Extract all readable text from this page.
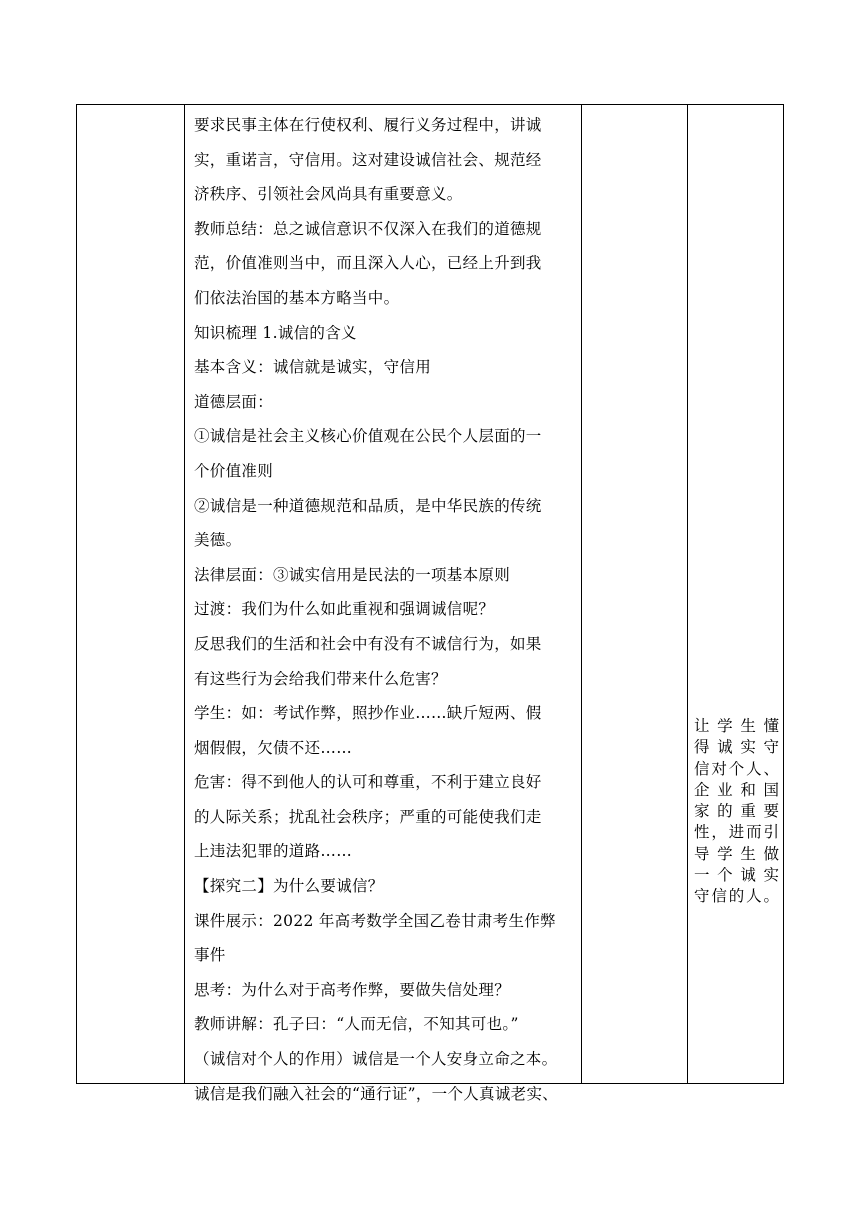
要求民事主体在行使权利、履行义务过程中，讲诚
实，重诺言，守信用。这对建设诚信社会、规范经
济秩序、引领社会风尚具有重要意义。
教师总结：总之诚信意识不仅深入在我们的道德规
范，价值准则当中，而且深入人心，已经上升到我
们依法治国的基本方略当中。
知识梳理 1.诚信的含义
基本含义：诚信就是诚实，守信用
道德层面：
①诚信是社会主义核心价值观在公民个人层面的一
个价值准则
②诚信是一种道德规范和品质，是中华民族的传统
美德。
法律层面：③诚实信用是民法的一项基本原则
过渡：我们为什么如此重视和强调诚信呢？
反思我们的生活和社会中有没有不诚信行为，如果
有这些行为会给我们带来什么危害？
学生：如：考试作弊，照抄作业……缺斤短两、假
烟假假，欠债不还……
危害：得不到他人的认可和尊重，不利于建立良好
的人际关系；扰乱社会秩序；严重的可能使我们走
上违法犯罪的道路……
【探究二】为什么要诚信？
课件展示：2022 年高考数学全国乙卷甘肃考生作弊
事件
思考：为什么对于高考作弊，要做失信处理？
教师讲解：孔子曰：“人而无信，不知其可也。”
（诚信对个人的作用）诚信是一个人安身立命之本。
诚信是我们融入社会的“通行证”，一个人真诚老实、
让 学 生 懂
得 诚 实 守
信 对 个 人 、
企 业 和 国
家 的 重 要
性 ， 进 而 引
导 学 生 做
一 个 诚 实
守 信 的 人 。
